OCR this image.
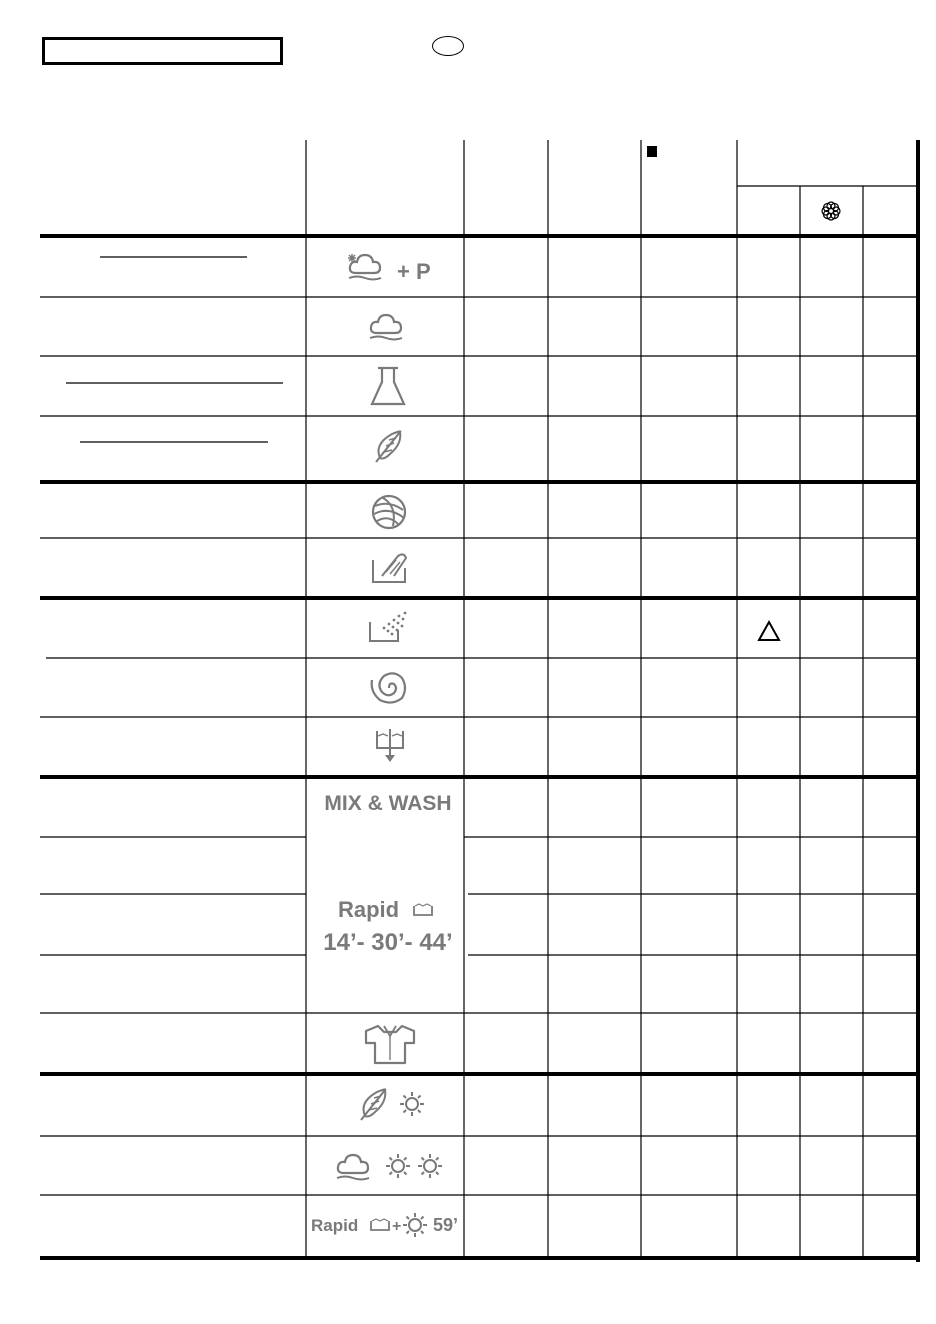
+ P
MIX & WASH
Rapid
14’- 30’- 44’
Rapid + 59’
